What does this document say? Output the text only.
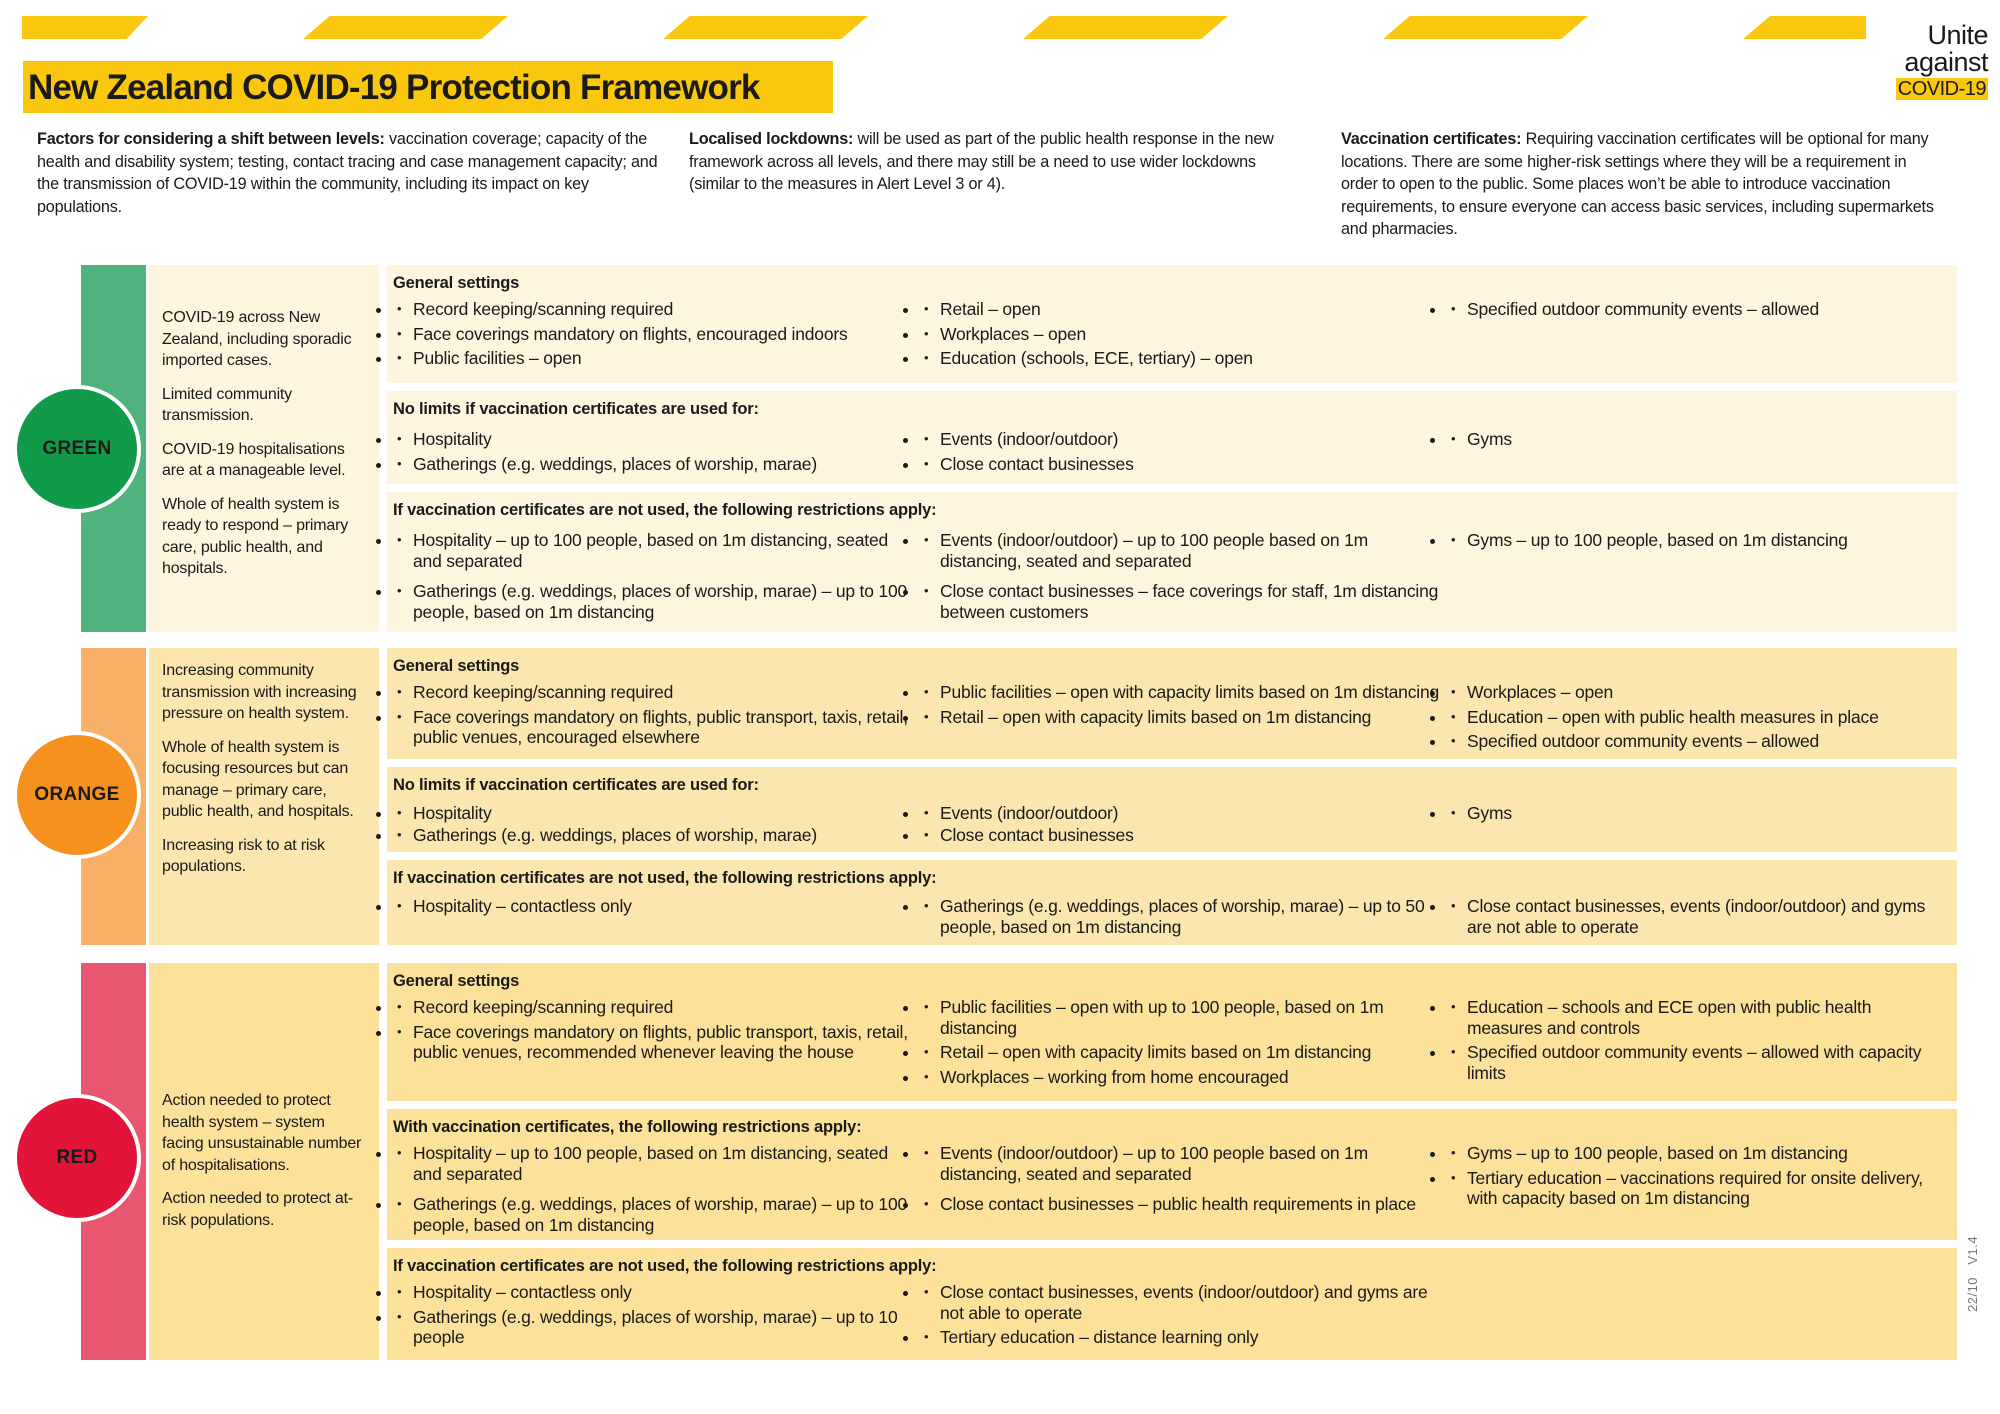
New Zealand COVID-19 Protection Framework
Unite
against
COVID-19

Factors for considering a shift between levels: vaccination coverage; capacity of the health and disability system; testing, contact tracing and case management capacity; and the transmission of COVID-19 within the community, including its impact on key populations.

Localised lockdowns: will be used as part of the public health response in the new framework across all levels, and there may still be a need to use wider lockdowns (similar to the measures in Alert Level 3 or 4).

Vaccination certificates: Requiring vaccination certificates will be optional for many locations. There are some higher-risk settings where they will be a requirement in order to open to the public. Some places won’t be able to introduce vaccination requirements, to ensure everyone can access basic services, including supermarkets and pharmacies.

COVID-19 across New Zealand, including sporadic imported cases.

Limited community transmission.

COVID-19 hospitalisations are at a manageable level.

Whole of health system is ready to respond – primary care, public health, and hospitals.

GREEN
General settings
• • Record keeping/scanning required
• • Face coverings mandatory on flights, encouraged indoors
• • Public facilities – open
• • Retail – open
• • Workplaces – open
• • Education (schools, ECE, tertiary) – open
• • Specified outdoor community events – allowed
No limits if vaccination certificates are used for:
• • Hospitality
• • Gatherings (e.g. weddings, places of worship, marae)
• • Events (indoor/outdoor)
• • Close contact businesses
• • Gyms
If vaccination certificates are not used, the following restrictions apply:
• • Hospitality – up to 100 people, based on 1m distancing, seated and separated
• • Gatherings (e.g. weddings, places of worship, marae) – up to 100 people, based on 1m distancing
• • Events (indoor/outdoor) – up to 100 people based on 1m distancing, seated and separated
• • Close contact businesses – face coverings for staff, 1m distancing between customers
• • Gyms – up to 100 people, based on 1m distancing

Increasing community transmission with increasing pressure on health system.

Whole of health system is focusing resources but can manage – primary care, public health, and hospitals.

Increasing risk to at risk populations.

ORANGE
General settings
• • Record keeping/scanning required
• • Face coverings mandatory on flights, public transport, taxis, retail, public venues, encouraged elsewhere
• • Public facilities – open with capacity limits based on 1m distancing
• • Retail – open with capacity limits based on 1m distancing
• • Workplaces – open
• • Education – open with public health measures in place
• • Specified outdoor community events – allowed
No limits if vaccination certificates are used for:
• • Hospitality
• • Gatherings (e.g. weddings, places of worship, marae)
• • Events (indoor/outdoor)
• • Close contact businesses
• • Gyms
If vaccination certificates are not used, the following restrictions apply:
• • Hospitality – contactless only	• • Gatherings (e.g. weddings, places of worship, marae) – up to 50 people, based on 1m distancing
• • Close contact businesses, events (indoor/outdoor) and gyms are not able to operate

Action needed to protect health system – system facing unsustainable number of hospitalisations.

Action needed to protect at-risk populations.

RED
General settings
• • Record keeping/scanning required
• • Face coverings mandatory on flights, public transport, taxis, retail, public venues, recommended whenever leaving the house
• • Public facilities – open with up to 100 people, based on 1m distancing
• • Retail – open with capacity limits based on 1m distancing
• • Workplaces – working from home encouraged
• • Education – schools and ECE open with public health measures and controls
• • Specified outdoor community events – allowed with capacity limits
With vaccination certificates, the following restrictions apply:
• • Hospitality – up to 100 people, based on 1m distancing, seated and separated
• • Gatherings (e.g. weddings, places of worship, marae) – up to 100 people, based on 1m distancing
• • Events (indoor/outdoor) – up to 100 people based on 1m distancing, seated and separated
• • Close contact businesses – public health requirements in place
• • Gyms – up to 100 people, based on 1m distancing
• • Tertiary education – vaccinations required for onsite delivery, with capacity based on 1m distancing
If vaccination certificates are not used, the following restrictions apply:
• • Hospitality – contactless only
• • Gatherings (e.g. weddings, places of worship, marae) – up to 10 people
• • Close contact businesses, events (indoor/outdoor) and gyms are not able to operate
• • Tertiary education – distance learning only
22/10   V1.4
